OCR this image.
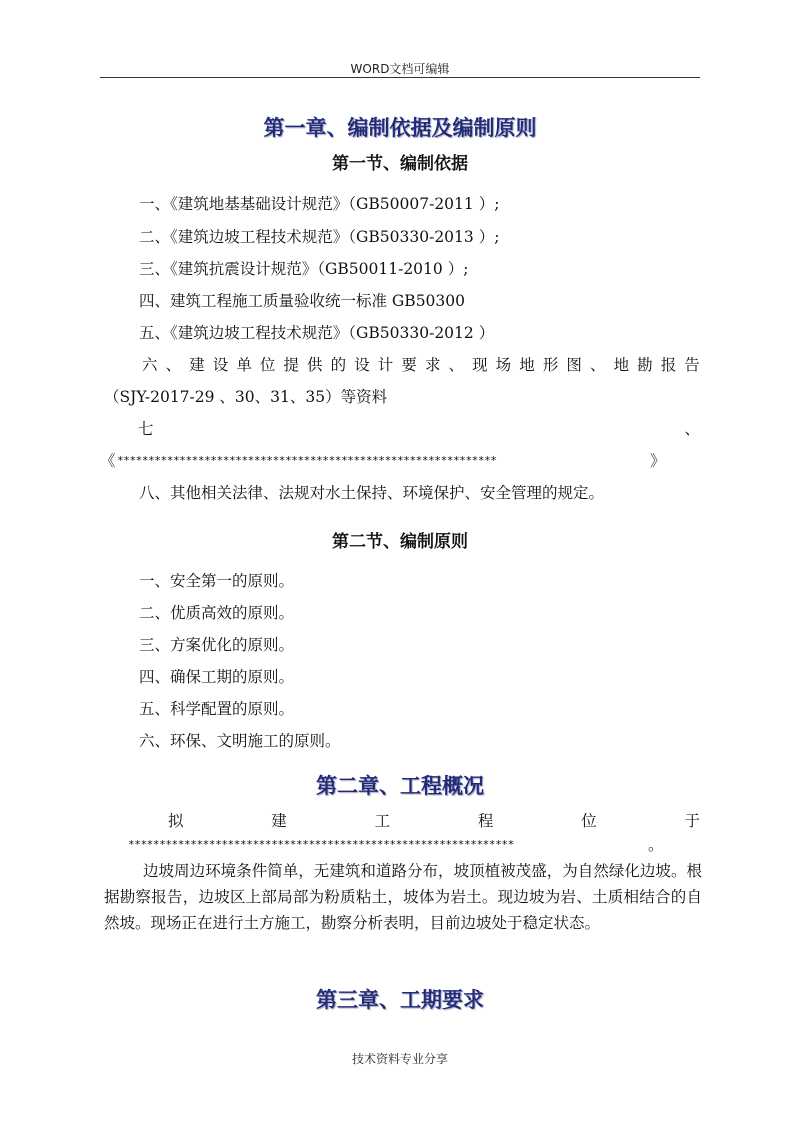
WORD文档可编辑
第一章、编制依据及编制原则
第一节、编制依据
一、《建筑地基基础设计规范》（GB50007-2011 ）;
二、《建筑边坡工程技术规范》（GB50330-2013 ）;
三、《建筑抗震设计规范》（GB50011-2010 ）;
四、建筑工程施工质量验收统一标准 GB50300
五、《建筑边坡工程技术规范》（GB50330-2012 ）
六 、 建 设 单 位 提 供 的 设 计 要 求 、 现 场 地 形 图 、 地 勘 报 告
（SJY-2017-29 、30、31、35）等资料
七	、
《 *************************************************************	》
八、其他相关法律、法规对水土保持、环境保护、安全管理的规定。
第二节、编制原则
一、安全第一的原则。
二、优质高效的原则。
三、方案优化的原则。
四、确保工期的原则。
五、科学配置的原则。
六、环保、文明施工的原则。
第二章、工程概况
拟	建	工	程	位	于
**************************************************************	。
边坡周边环境条件简单，无建筑和道路分布，坡顶植被茂盛，为自然绿化边坡。根据勘察报告，边坡区上部局部为粉质粘土，坡体为岩土。现边坡为岩、土质相结合的自然坡。现场正在进行土方施工，勘察分析表明，目前边坡处于稳定状态。
第三章、工期要求
技术资料专业分享
